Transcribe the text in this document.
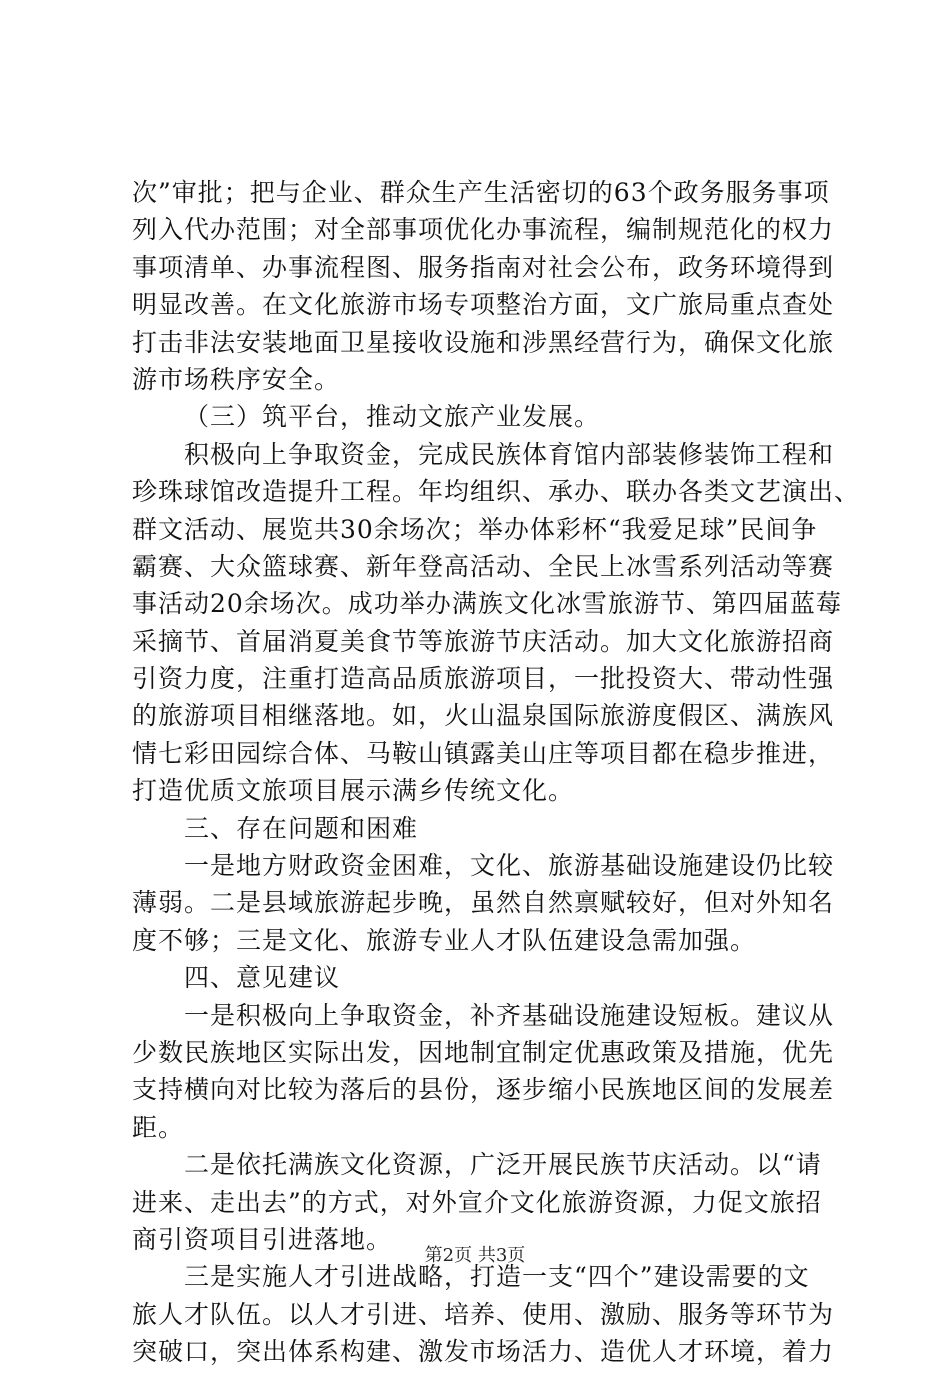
次”审批；把与企业、群众生产生活密切的63个政务服务事项
列入代办范围；对全部事项优化办事流程，编制规范化的权力
事项清单、办事流程图、服务指南对社会公布，政务环境得到
明显改善。在文化旅游市场专项整治方面，文广旅局重点查处
打击非法安装地面卫星接收设施和涉黑经营行为，确保文化旅
游市场秩序安全。
（三）筑平台，推动文旅产业发展。
积极向上争取资金，完成民族体育馆内部装修装饰工程和
珍珠球馆改造提升工程。年均组织、承办、联办各类文艺演出、
群文活动、展览共30余场次；举办体彩杯“我爱足球”民间争
霸赛、大众篮球赛、新年登高活动、全民上冰雪系列活动等赛
事活动20余场次。成功举办满族文化冰雪旅游节、第四届蓝莓
采摘节、首届消夏美食节等旅游节庆活动。加大文化旅游招商
引资力度，注重打造高品质旅游项目，一批投资大、带动性强
的旅游项目相继落地。如，火山温泉国际旅游度假区、满族风
情七彩田园综合体、马鞍山镇露美山庄等项目都在稳步推进，
打造优质文旅项目展示满乡传统文化。
三、存在问题和困难
一是地方财政资金困难，文化、旅游基础设施建设仍比较
薄弱。二是县域旅游起步晚，虽然自然禀赋较好，但对外知名
度不够；三是文化、旅游专业人才队伍建设急需加强。
四、意见建议
一是积极向上争取资金，补齐基础设施建设短板。建议从
少数民族地区实际出发，因地制宜制定优惠政策及措施，优先
支持横向对比较为落后的县份，逐步缩小民族地区间的发展差
距。
二是依托满族文化资源，广泛开展民族节庆活动。以“请
进来、走出去”的方式，对外宣介文化旅游资源，力促文旅招
商引资项目引进落地。
三是实施人才引进战略，打造一支“四个”建设需要的文
旅人才队伍。以人才引进、培养、使用、激励、服务等环节为
突破口，突出体系构建、激发市场活力、造优人才环境，着力
第2页 共3页
